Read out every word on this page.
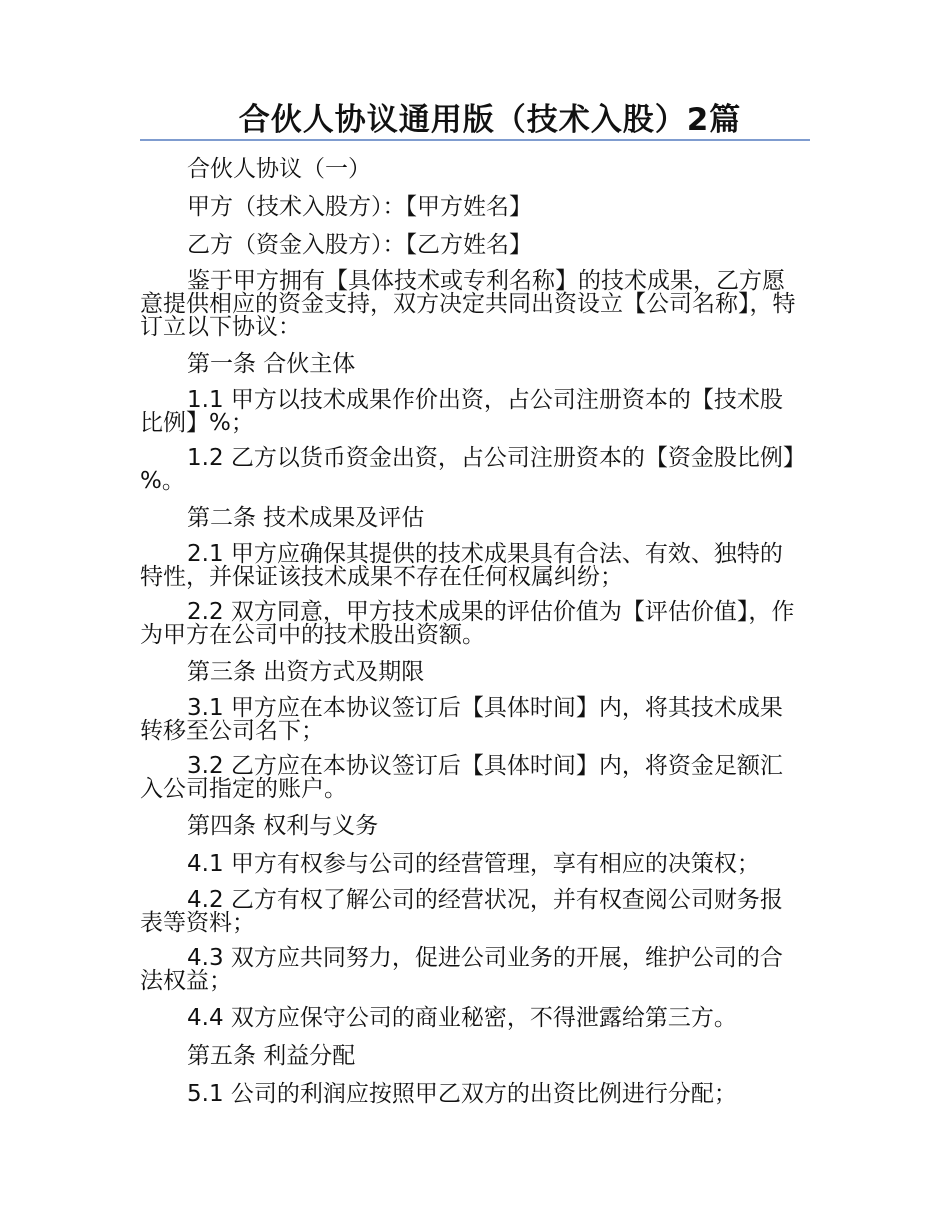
合伙人协议通用版（技术入股）2篇

合伙人协议（一）

甲方（技术入股方）：【甲方姓名】

乙方（资金入股方）：【乙方姓名】

鉴于甲方拥有【具体技术或专利名称】的技术成果，乙方愿意提供相应的资金支持，双方决定共同出资设立【公司名称】，特订立以下协议：

第一条 合伙主体

1.1 甲方以技术成果作价出资，占公司注册资本的【技术股比例】%；

1.2 乙方以货币资金出资，占公司注册资本的【资金股比例】%。

第二条 技术成果及评估

2.1 甲方应确保其提供的技术成果具有合法、有效、独特的特性，并保证该技术成果不存在任何权属纠纷；

2.2 双方同意，甲方技术成果的评估价值为【评估价值】，作为甲方在公司中的技术股出资额。

第三条 出资方式及期限

3.1 甲方应在本协议签订后【具体时间】内，将其技术成果转移至公司名下；

3.2 乙方应在本协议签订后【具体时间】内，将资金足额汇入公司指定的账户。

第四条 权利与义务

4.1 甲方有权参与公司的经营管理，享有相应的决策权；

4.2 乙方有权了解公司的经营状况，并有权查阅公司财务报表等资料；

4.3 双方应共同努力，促进公司业务的开展，维护公司的合法权益；

4.4 双方应保守公司的商业秘密，不得泄露给第三方。

第五条 利益分配

5.1 公司的利润应按照甲乙双方的出资比例进行分配；
